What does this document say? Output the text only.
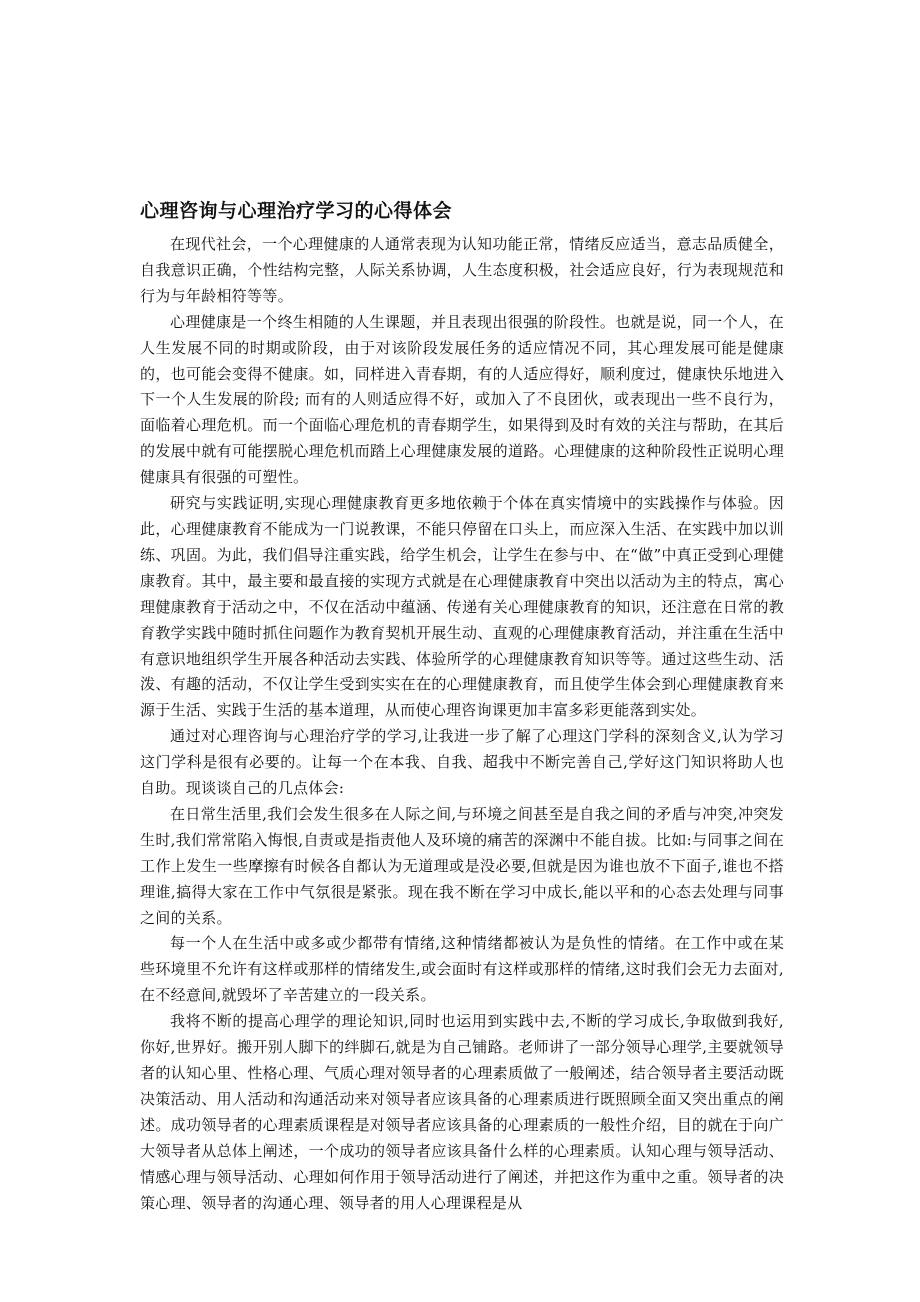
心理咨询与心理治疗学习的心得体会

在现代社会，一个心理健康的人通常表现为认知功能正常，情绪反应适当，意志品质健全，自我意识正确，个性结构完整，人际关系协调，人生态度积极，社会适应良好，行为表现规范和行为与年龄相符等等。

心理健康是一个终生相随的人生课题，并且表现出很强的阶段性。也就是说，同一个人，在人生发展不同的时期或阶段，由于对该阶段发展任务的适应情况不同，其心理发展可能是健康的，也可能会变得不健康。如，同样进入青春期，有的人适应得好，顺利度过，健康快乐地进入下一个人生发展的阶段; 而有的人则适应得不好，或加入了不良团伙，或表现出一些不良行为，面临着心理危机。而一个面临心理危机的青春期学生，如果得到及时有效的关注与帮助，在其后的发展中就有可能摆脱心理危机而踏上心理健康发展的道路。心理健康的这种阶段性正说明心理健康具有很强的可塑性。

研究与实践证明,实现心理健康教育更多地依赖于个体在真实情境中的实践操作与体验。因此，心理健康教育不能成为一门说教课，不能只停留在口头上，而应深入生活、在实践中加以训练、巩固。为此，我们倡导注重实践，给学生机会，让学生在参与中、在“做”中真正受到心理健康教育。其中，最主要和最直接的实现方式就是在心理健康教育中突出以活动为主的特点，寓心理健康教育于活动之中，不仅在活动中蕴涵、传递有关心理健康教育的知识，还注意在日常的教育教学实践中随时抓住问题作为教育契机开展生动、直观的心理健康教育活动，并注重在生活中有意识地组织学生开展各种活动去实践、体验所学的心理健康教育知识等等。通过这些生动、活泼、有趣的活动，不仅让学生受到实实在在的心理健康教育，而且使学生体会到心理健康教育来源于生活、实践于生活的基本道理，从而使心理咨询课更加丰富多彩更能落到实处。

通过对心理咨询与心理治疗学的学习,让我进一步了解了心理这门学科的深刻含义,认为学习这门学科是很有必要的。让每一个在本我、自我、超我中不断完善自己,学好这门知识将助人也自助。现谈谈自己的几点体会:

在日常生活里,我们会发生很多在人际之间,与环境之间甚至是自我之间的矛盾与冲突,冲突发生时,我们常常陷入悔恨,自责或是指责他人及环境的痛苦的深渊中不能自拔。比如:与同事之间在工作上发生一些摩擦有时候各自都认为无道理或是没必要,但就是因为谁也放不下面子,谁也不搭理谁,搞得大家在工作中气氛很是紧张。现在我不断在学习中成长,能以平和的心态去处理与同事之间的关系。

每一个人在生活中或多或少都带有情绪,这种情绪都被认为是负性的情绪。在工作中或在某些环境里不允许有这样或那样的情绪发生,或会面时有这样或那样的情绪,这时我们会无力去面对,在不经意间,就毁坏了辛苦建立的一段关系。

我将不断的提高心理学的理论知识,同时也运用到实践中去,不断的学习成长,争取做到我好,你好,世界好。搬开别人脚下的绊脚石,就是为自己铺路。老师讲了一部分领导心理学,主要就领导者的认知心里、性格心理、气质心理对领导者的心理素质做了一般阐述，结合领导者主要活动既决策活动、用人活动和沟通活动来对领导者应该具备的心理素质进行既照顾全面又突出重点的阐述。成功领导者的心理素质课程是对领导者应该具备的心理素质的一般性介绍，目的就在于向广大领导者从总体上阐述，一个成功的领导者应该具备什么样的心理素质。认知心理与领导活动、情感心理与领导活动、心理如何作用于领导活动进行了阐述，并把这作为重中之重。领导者的决策心理、领导者的沟通心理、领导者的用人心理课程是从
